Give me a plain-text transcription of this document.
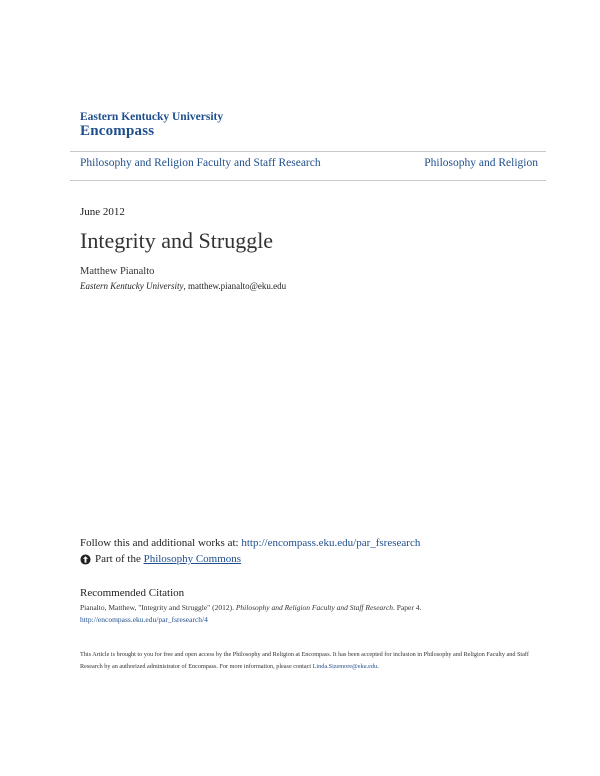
Eastern Kentucky University
Encompass
Philosophy and Religion Faculty and Staff Research	Philosophy and Religion
June 2012
Integrity and Struggle
Matthew Pianalto
Eastern Kentucky University, matthew.pianalto@eku.edu
Follow this and additional works at: http://encompass.eku.edu/par_fsresearch
Part of the
Philosophy Commons
Recommended Citation
Pianalto, Matthew, "Integrity and Struggle" (2012). Philosophy and Religion Faculty and Staff Research. Paper 4.
http://encompass.eku.edu/par_fsresearch/4
This Article is brought to you for free and open access by the Philosophy and Religion at Encompass. It has been accepted for inclusion in Philosophy and Religion Faculty and Staff Research by an authorized administrator of Encompass. For more information, please contact Linda.Sizemore@eku.edu.
